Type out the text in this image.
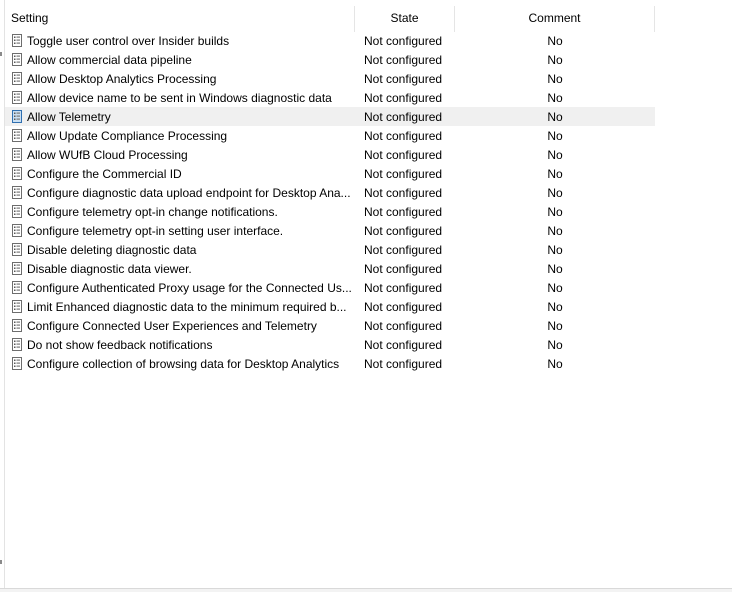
Setting	State	Comment
Toggle user control over Insider builds	Not configured	No
Allow commercial data pipeline	Not configured	No
Allow Desktop Analytics Processing	Not configured	No
Allow device name to be sent in Windows diagnostic data	Not configured	No
Allow Telemetry	Not configured	No
Allow Update Compliance Processing	Not configured	No
Allow WUfB Cloud Processing	Not configured	No
Configure the Commercial ID	Not configured	No
Configure diagnostic data upload endpoint for Desktop Ana...	Not configured	No
Configure telemetry opt-in change notifications.	Not configured	No
Configure telemetry opt-in setting user interface.	Not configured	No
Disable deleting diagnostic data	Not configured	No
Disable diagnostic data viewer.	Not configured	No
Configure Authenticated Proxy usage for the Connected Us...	Not configured	No
Limit Enhanced diagnostic data to the minimum required b...	Not configured	No
Configure Connected User Experiences and Telemetry	Not configured	No
Do not show feedback notifications	Not configured	No
Configure collection of browsing data for Desktop Analytics	Not configured	No
